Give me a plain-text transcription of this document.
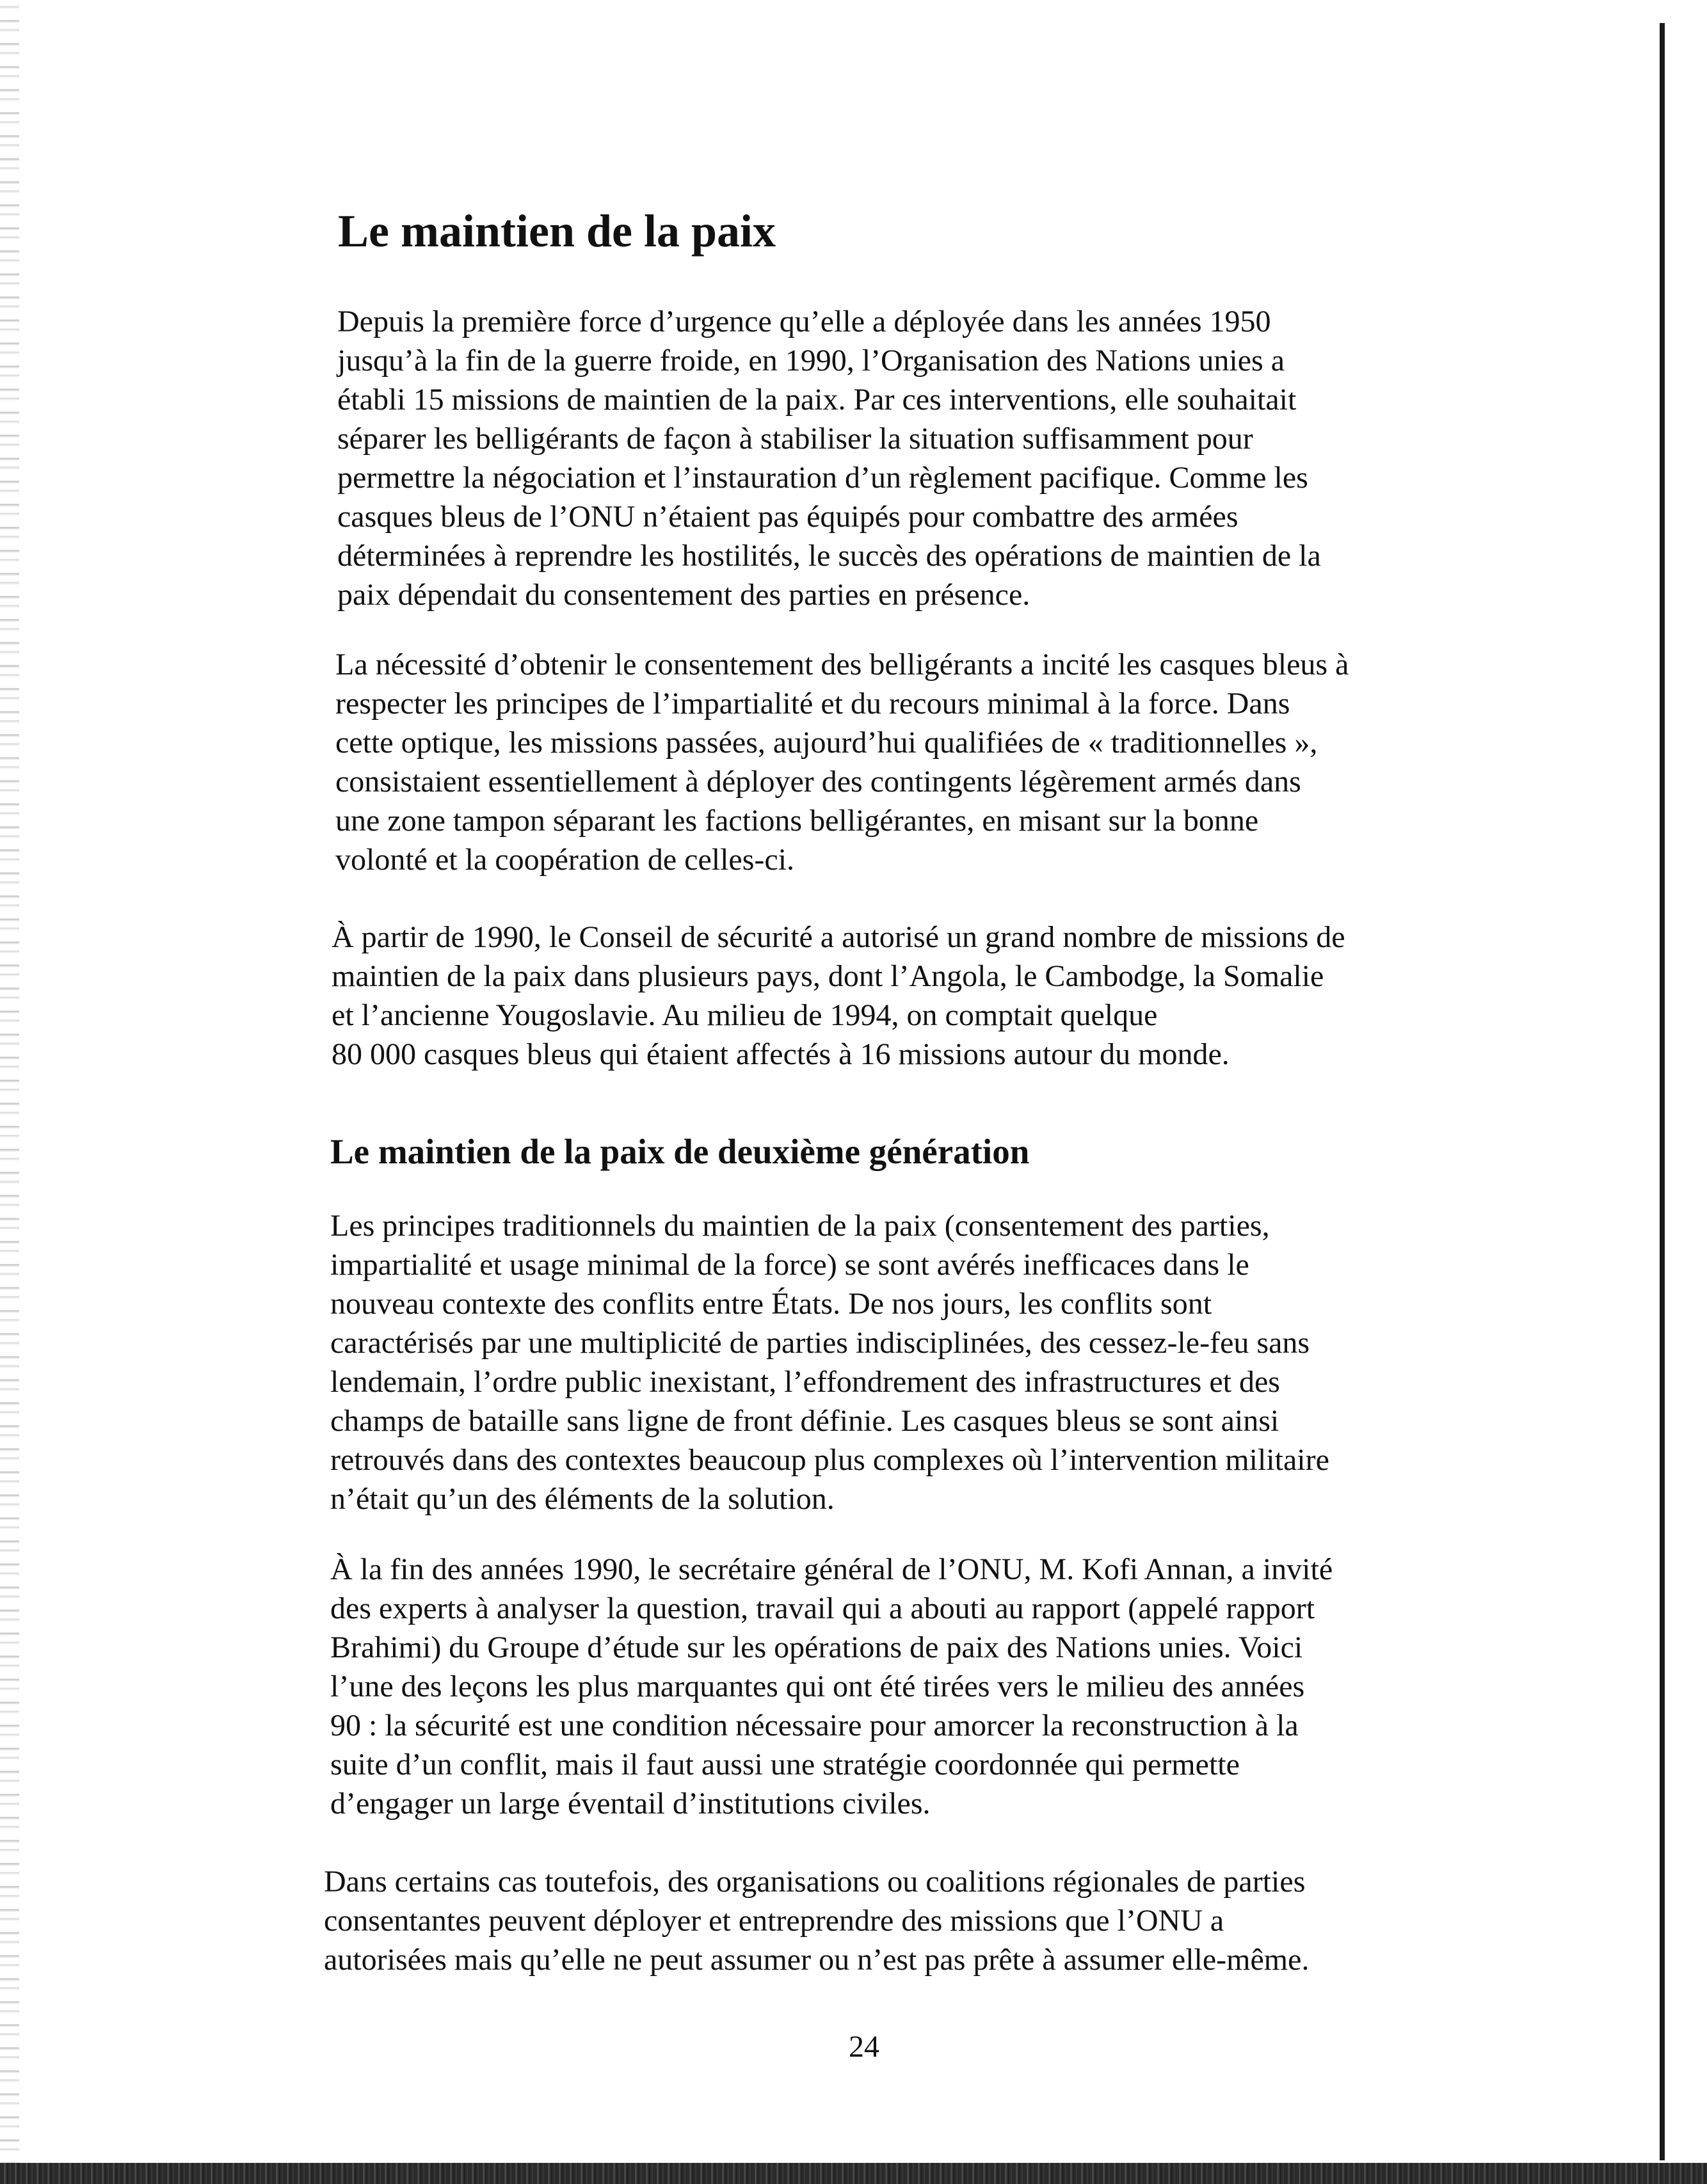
Le maintien de la paix

Depuis la première force d’urgence qu’elle a déployée dans les années 1950
jusqu’à la fin de la guerre froide, en 1990, l’Organisation des Nations unies a
établi 15 missions de maintien de la paix. Par ces interventions, elle souhaitait
séparer les belligérants de façon à stabiliser la situation suffisamment pour
permettre la négociation et l’instauration d’un règlement pacifique. Comme les
casques bleus de l’ONU n’étaient pas équipés pour combattre des armées
déterminées à reprendre les hostilités, le succès des opérations de maintien de la
paix dépendait du consentement des parties en présence.

La nécessité d’obtenir le consentement des belligérants a incité les casques bleus à
respecter les principes de l’impartialité et du recours minimal à la force. Dans
cette optique, les missions passées, aujourd’hui qualifiées de « traditionnelles »,
consistaient essentiellement à déployer des contingents légèrement armés dans
une zone tampon séparant les factions belligérantes, en misant sur la bonne
volonté et la coopération de celles-ci.

À partir de 1990, le Conseil de sécurité a autorisé un grand nombre de missions de
maintien de la paix dans plusieurs pays, dont l’Angola, le Cambodge, la Somalie
et l’ancienne Yougoslavie. Au milieu de 1994, on comptait quelque
80 000 casques bleus qui étaient affectés à 16 missions autour du monde.

Le maintien de la paix de deuxième génération

Les principes traditionnels du maintien de la paix (consentement des parties,
impartialité et usage minimal de la force) se sont avérés inefficaces dans le
nouveau contexte des conflits entre États. De nos jours, les conflits sont
caractérisés par une multiplicité de parties indisciplinées, des cessez-le-feu sans
lendemain, l’ordre public inexistant, l’effondrement des infrastructures et des
champs de bataille sans ligne de front définie. Les casques bleus se sont ainsi
retrouvés dans des contextes beaucoup plus complexes où l’intervention militaire
n’était qu’un des éléments de la solution.

À la fin des années 1990, le secrétaire général de l’ONU, M. Kofi Annan, a invité
des experts à analyser la question, travail qui a abouti au rapport (appelé rapport
Brahimi) du Groupe d’étude sur les opérations de paix des Nations unies. Voici
l’une des leçons les plus marquantes qui ont été tirées vers le milieu des années
90 : la sécurité est une condition nécessaire pour amorcer la reconstruction à la
suite d’un conflit, mais il faut aussi une stratégie coordonnée qui permette
d’engager un large éventail d’institutions civiles.

Dans certains cas toutefois, des organisations ou coalitions régionales de parties
consentantes peuvent déployer et entreprendre des missions que l’ONU a
autorisées mais qu’elle ne peut assumer ou n’est pas prête à assumer elle-même.

24
